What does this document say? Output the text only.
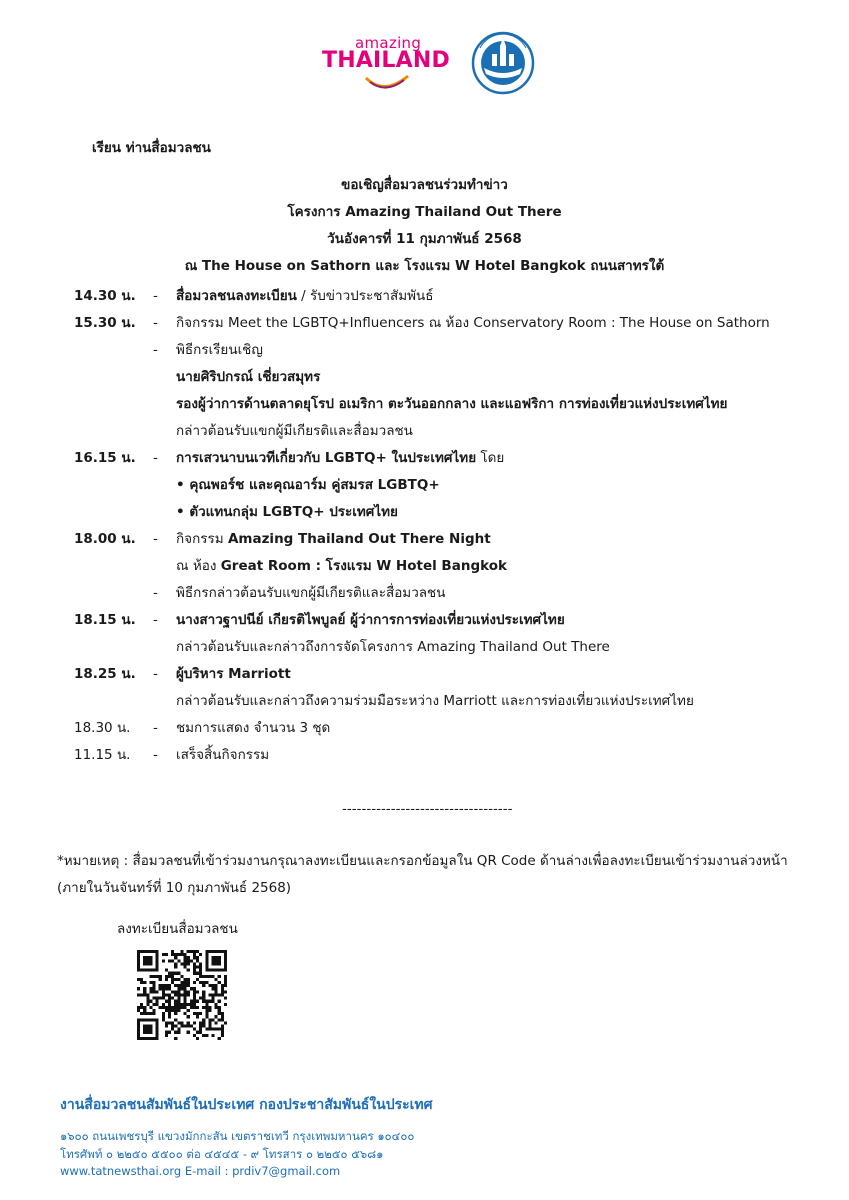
amazing
THAILAND
เรียน ท่านสื่อมวลชน
ขอเชิญสื่อมวลชนร่วมทำข่าว
โครงการ Amazing Thailand Out There
วันอังคารที่ 11 กุมภาพันธ์ 2568
ณ The House on Sathorn และ โรงแรม W Hotel Bangkok ถนนสาทรใต้
14.30 น. - สื่อมวลชนลงทะเบียน / รับข่าวประชาสัมพันธ์
15.30 น. - กิจกรรม Meet the LGBTQ+Influencers ณ ห้อง Conservatory Room : The House on Sathorn
- พิธีกรเรียนเชิญ
นายศิริปกรณ์ เชี่ยวสมุทร
รองผู้ว่าการด้านตลาดยุโรป อเมริกา ตะวันออกกลาง และแอฟริกา การท่องเที่ยวแห่งประเทศไทย
กล่าวต้อนรับแขกผู้มีเกียรติและสื่อมวลชน
16.15 น. - การเสวนาบนเวทีเกี่ยวกับ LGBTQ+ ในประเทศไทย โดย
• คุณพอร์ช และคุณอาร์ม คู่สมรส LGBTQ+
• ตัวแทนกลุ่ม LGBTQ+ ประเทศไทย
18.00 น. - กิจกรรม Amazing Thailand Out There Night
ณ ห้อง Great Room : โรงแรม W Hotel Bangkok
- พิธีกรกล่าวต้อนรับแขกผู้มีเกียรติและสื่อมวลชน
18.15 น. - นางสาวฐาปนีย์ เกียรติไพบูลย์ ผู้ว่าการการท่องเที่ยวแห่งประเทศไทย
กล่าวต้อนรับและกล่าวถึงการจัดโครงการ Amazing Thailand Out There
18.25 น. - ผู้บริหาร Marriott
กล่าวต้อนรับและกล่าวถึงความร่วมมือระหว่าง Marriott และการท่องเที่ยวแห่งประเทศไทย
18.30 น. - ชมการแสดง จำนวน 3 ชุด
11.15 น. - เสร็จสิ้นกิจกรรม
-----------------------------------
*หมายเหตุ : สื่อมวลชนที่เข้าร่วมงานกรุณาลงทะเบียนและกรอกข้อมูลใน QR Code ด้านล่างเพื่อลงทะเบียนเข้าร่วมงานล่วงหน้า
(ภายในวันจันทร์ที่ 10 กุมภาพันธ์ 2568)
ลงทะเบียนสื่อมวลชน
งานสื่อมวลชนสัมพันธ์ในประเทศ กองประชาสัมพันธ์ในประเทศ
๑๖๐๐ ถนนเพชรบุรี แขวงมักกะสัน เขตราชเทวี กรุงเทพมหานคร ๑๐๔๐๐
โทรศัพท์ ๐ ๒๒๕๐ ๕๕๐๐ ต่อ ๔๕๔๕ - ๙ โทรสาร ๐ ๒๒๕๐ ๕๖๘๑
www.tatnewsthai.org E-mail : prdiv7@gmail.com
